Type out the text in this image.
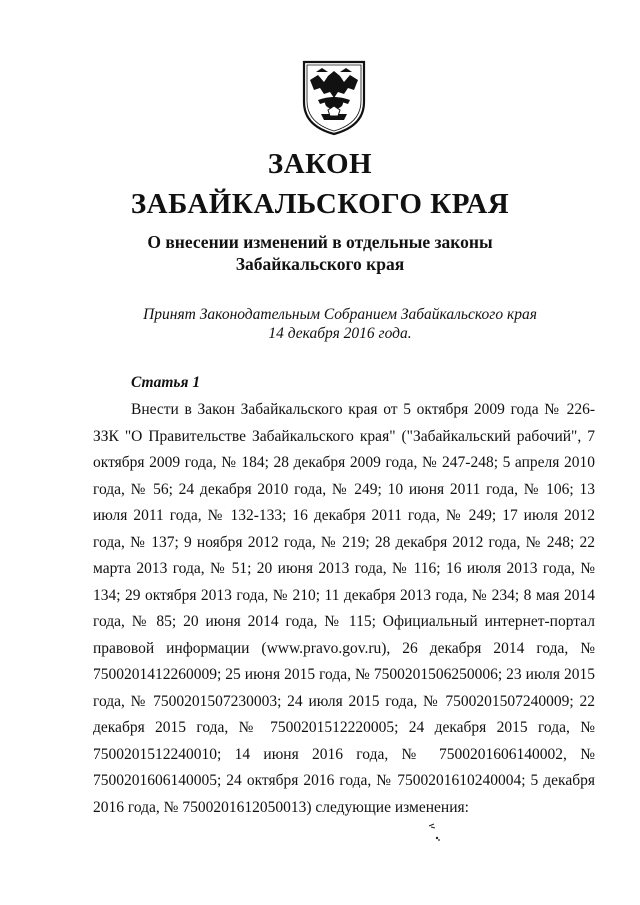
ЗАКОН
ЗАБАЙКАЛЬСКОГО КРАЯ
О внесении изменений в отдельные законы
Забайкальского края
Принят Законодательным Собранием Забайкальского края
14 декабря 2016 года.
Статья 1

Внести в Закон Забайкальского края от 5 октября 2009 года № 226-ЗЗК "О Правительстве Забайкальского края" ("Забайкальский рабочий", 7 октября 2009 года, № 184; 28 декабря 2009 года, № 247-248; 5 апреля 2010 года, № 56; 24 декабря 2010 года, № 249; 10 июня 2011 года, № 106; 13 июля 2011 года, № 132-133; 16 декабря 2011 года, № 249; 17 июля 2012 года, № 137; 9 ноября 2012 года, № 219; 28 декабря 2012 года, № 248; 22 марта 2013 года, № 51; 20 июня 2013 года, № 116; 16 июля 2013 года, № 134; 29 октября 2013 года, № 210; 11 декабря 2013 года, № 234; 8 мая 2014 года, № 85; 20 июня 2014 года, № 115; Официальный интернет-портал правовой информации (www.pravo.gov.ru), 26 декабря 2014 года, № 7500201412260009; 25 июня 2015 года, № 7500201506250006; 23 июля 2015 года, № 7500201507230003; 24 июля 2015 года, № 7500201507240009; 22 декабря 2015 года, № 7500201512220005; 24 декабря 2015 года, № 7500201512240010; 14 июня 2016 года, № 7500201606140002, № 7500201606140005; 24 октября 2016 года, № 7500201610240004; 5 декабря 2016 года, № 7500201612050013) следующие изменения:
